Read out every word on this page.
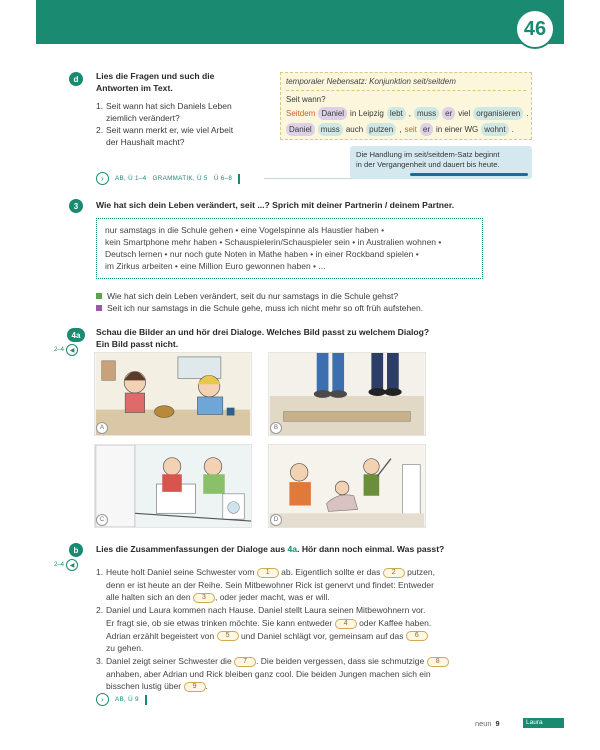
46
d	Lies die Fragen und such die
Antworten im Text.
1. Seit wann hat sich Daniels Leben
ziemlich verändert?
2. Seit wann merkt er, wie viel Arbeit
der Haushalt macht?
›	AB, Ü 1–4   GRAMMATIK, Ü 5   Ü 6–8
temporaler Nebensatz: Konjunktion seit/seitdem
Seit wann?
Seitdem Daniel in Leipzig lebt , muss	er viel organisieren .
Daniel	muss auch putzen , seit er in einer WG wohnt .
Die Handlung im seit/seitdem-Satz beginnt
in der Vergangenheit und dauert bis heute.
3	Wie hat sich dein Leben verändert, seit ...? Sprich mit deiner Partnerin / deinem Partner.
nur samstags in die Schule gehen • eine Vogelspinne als Haustier haben •
kein Smartphone mehr haben • Schauspielerin/Schauspieler sein • in Australien wohnen •
Deutsch lernen • nur noch gute Noten in Mathe haben • in einer Rockband spielen •
im Zirkus arbeiten • eine Million Euro gewonnen haben • ...
Wie hat sich dein Leben verändert, seit du nur samstags in die Schule gehst?
Seit ich nur samstags in die Schule gehe, muss ich nicht mehr so oft früh aufstehen.
4a
2–4 ◀
Schau die Bilder an und hör drei Dialoge. Welches Bild passt zu welchem Dialog?
Ein Bild passt nicht.
A	B
C	D
b
2–4 ◀
Lies die Zusammenfassungen der Dialoge aus 4a. Hör dann noch einmal. Was passt?
1. Heute holt Daniel seine Schwester vom 1 ab. Eigentlich sollte er das 2 putzen,
denn er ist heute an der Reihe. Sein Mitbewohner Rick ist genervt und findet: Entweder
alle halten sich an den 3 , oder jeder macht, was er will.
2. Daniel und Laura kommen nach Hause. Daniel stellt Laura seinen Mitbewohnern vor.
Er fragt sie, ob sie etwas trinken möchte. Sie kann entweder 4 oder Kaffee haben.
Adrian erzählt begeistert von 5 und Daniel schlägt vor, gemeinsam auf das 6
zu gehen.
3. Daniel zeigt seiner Schwester die 7 . Die beiden vergessen, dass sie schmutzige 8
anhaben, aber Adrian und Rick bleiben ganz cool. Die beiden Jungen machen sich ein
bisschen lustig über 9 .
›	AB, Ü 9
neun 9	Laura
